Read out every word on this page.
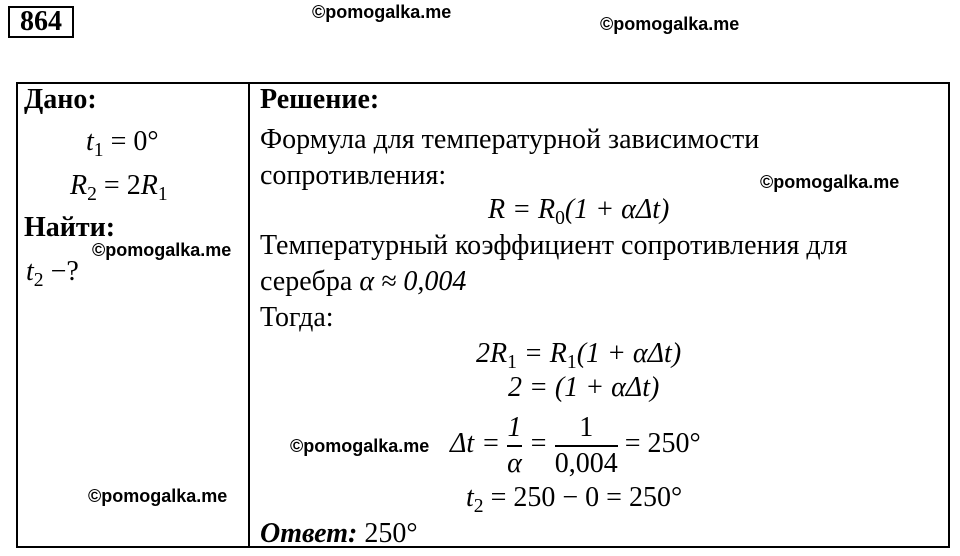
864	©pomogalka.me
©pomogalka.me
Дано:
$t_1 = 0^\circ$
$R_2 = 2R_1$
Найти:
©pomogalka.me
$t_2$ −?
©pomogalka.me
Решение:
Формула для температурной зависимости
сопротивления:	©pomogalka.me
$R = R_0(1 + \alpha\Delta t)$
Температурный коэффициент сопротивления для
серебра α ≈ 0,004
Тогда:
$2R_1 = R_1(1 + \alpha\Delta t)$
2 = (1 + αΔt)
©pomogalka.me $\Delta t = \frac{1}{\alpha} = \frac{1}{0,004} = 250^\circ$
$t_2 = 250 - 0 = 250^\circ$
Ответ: 250°
